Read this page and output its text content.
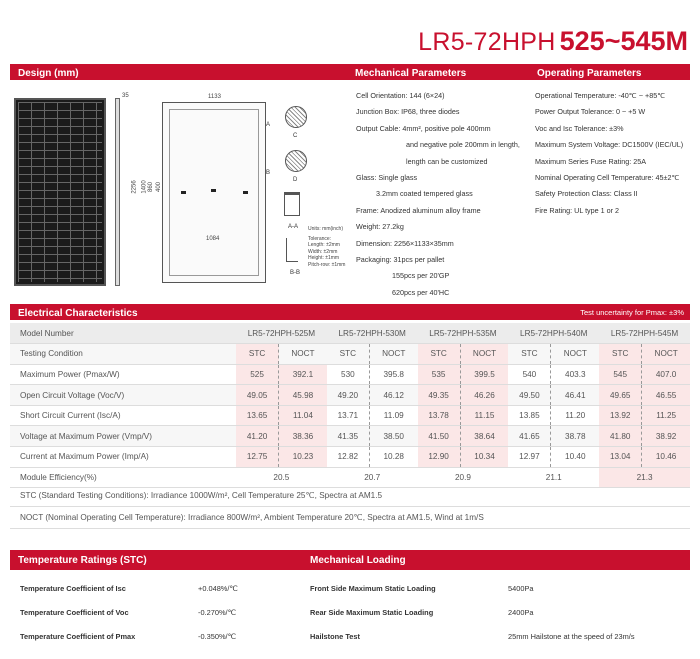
LR5-72HPH 525~545M
Design (mm)	Mechanical Parameters	Operating Parameters
35	1133
1084
2256 1400 860 400
C
D
A
B
A-A
B-B
Units: mm(inch)
Tolerance:
Length: ±2mm
Width: ±2mm
Height: ±1mm
Pitch-row: ±1mm
Cell Orientation: 144 (6×24)
Junction Box: IP68, three diodes
Output Cable: 4mm², positive pole 400mm
and negative pole 200mm in length,
length can be customized
Glass: Single glass
3.2mm coated tempered glass
Frame: Anodized aluminum alloy frame
Weight: 27.2kg
Dimension: 2256×1133×35mm
Packaging: 31pcs per pallet
155pcs per 20'GP
620pcs per 40'HC
Operational Temperature: -40℃ ~ +85℃
Power Output Tolerance: 0 ~ +5 W
Voc and Isc Tolerance: ±3%
Maximum System Voltage: DC1500V (IEC/UL)
Maximum Series Fuse Rating: 25A
Nominal Operating Cell Temperature: 45±2℃
Safety Protection Class: Class II
Fire Rating: UL type 1 or 2
Electrical Characteristics	Test uncertainty for Pmax: ±3%
Model Number	LR5-72HPH-525M		LR5-72HPH-530M		LR5-72HPH-535M		LR5-72HPH-540M		LR5-72HPH-545M	
Testing Condition	STC	NOCT	STC	NOCT	STC	NOCT	STC	NOCT	STC	NOCT
Maximum Power (Pmax/W)	525	392.1	530	395.8	535	399.5	540	403.3	545	407.0
Open Circuit Voltage (Voc/V)	49.05	45.98	49.20	46.12	49.35	46.26	49.50	46.41	49.65	46.55
Short Circuit Current (Isc/A)	13.65	11.04	13.71	11.09	13.78	11.15	13.85	11.20	13.92	11.25
Voltage at Maximum Power (Vmp/V)	41.20	38.36	41.35	38.50	41.50	38.64	41.65	38.78	41.80	38.92
Current at Maximum Power (Imp/A)	12.75	10.23	12.82	10.28	12.90	10.34	12.97	10.40	13.04	10.46
Module Efficiency(%)	20.5		20.7		20.9		21.1		21.3	
STC (Standard Testing Conditions): Irradiance 1000W/m², Cell Temperature 25℃, Spectra at AM1.5
NOCT (Nominal Operating Cell Temperature): Irradiance 800W/m², Ambient Temperature 20℃, Spectra at AM1.5, Wind at 1m/S
Temperature Ratings (STC)	Mechanical Loading
Temperature Coefficient of Isc	+0.048%/℃
Temperature Coefficient of Voc	-0.270%/℃
Temperature Coefficient of Pmax	-0.350%/℃
Front Side Maximum Static Loading	5400Pa
Rear Side Maximum Static Loading	2400Pa
Hailstone Test	25mm Hailstone at the speed of 23m/s
